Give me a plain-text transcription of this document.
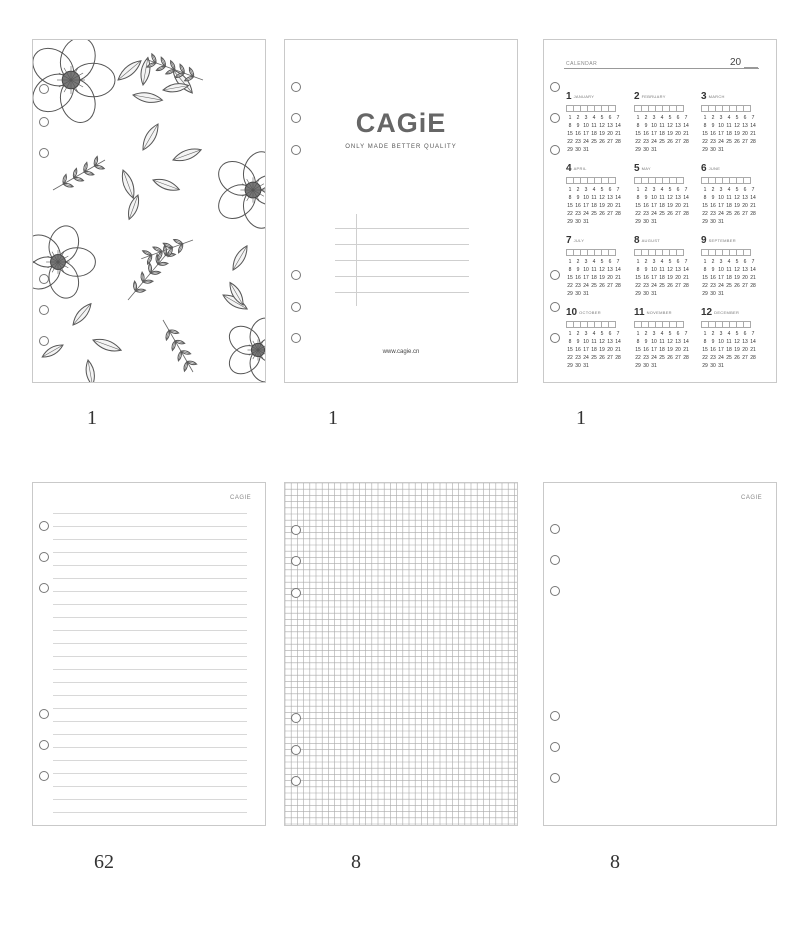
CAGiE
ONLY MADE BETTER QUALITY
www.cagie.cn
CALENDAR	20
1 JANUARY
1	2	3	4	5	6	7
8	9 10 11 12 13 14
15 16 17 18 19 20 21
22 23 24 25 26 27 28
29 30 31
2 FEBRUARY
1	2	3	4	5	6	7
8	9 10 11 12 13 14
15 16 17 18 19 20 21
22 23 24 25 26 27 28
29 30 31
3 MARCH
1	2	3	4	5	6	7
8	9 10 11 12 13 14
15 16 17 18 19 20 21
22 23 24 25 26 27 28
29 30 31
4 APRIL
1	2	3	4	5	6	7
8	9 10 11 12 13 14
15 16 17 18 19 20 21
22 23 24 25 26 27 28
29 30 31
5 MAY
1	2	3	4	5	6	7
8	9 10 11 12 13 14
15 16 17 18 19 20 21
22 23 24 25 26 27 28
29 30 31
6 JUNE
1	2	3	4	5	6	7
8	9 10 11 12 13 14
15 16 17 18 19 20 21
22 23 24 25 26 27 28
29 30 31
7 JULY
1	2	3	4	5	6	7
8	9 10 11 12 13 14
15 16 17 18 19 20 21
22 23 24 25 26 27 28
29 30 31
8 AUGUST
1	2	3	4	5	6	7
8	9 10 11 12 13 14
15 16 17 18 19 20 21
22 23 24 25 26 27 28
29 30 31
9 SEPTEMBER
1	2	3	4	5	6	7
8	9 10 11 12 13 14
15 16 17 18 19 20 21
22 23 24 25 26 27 28
29 30 31
10 OCTOBER
1	2	3	4	5	6	7
8	9 10 11 12 13 14
15 16 17 18 19 20 21
22 23 24 25 26 27 28
29 30 31
11 NOVEMBER
1	2	3	4	5	6	7
8	9 10 11 12 13 14
15 16 17 18 19 20 21
22 23 24 25 26 27 28
29 30 31
12 DECEMBER
1	2	3	4	5	6	7
8	9 10 11 12 13 14
15 16 17 18 19 20 21
22 23 24 25 26 27 28
29 30 31
CAGIE	CAGIE
1	1	1
62	8	8
